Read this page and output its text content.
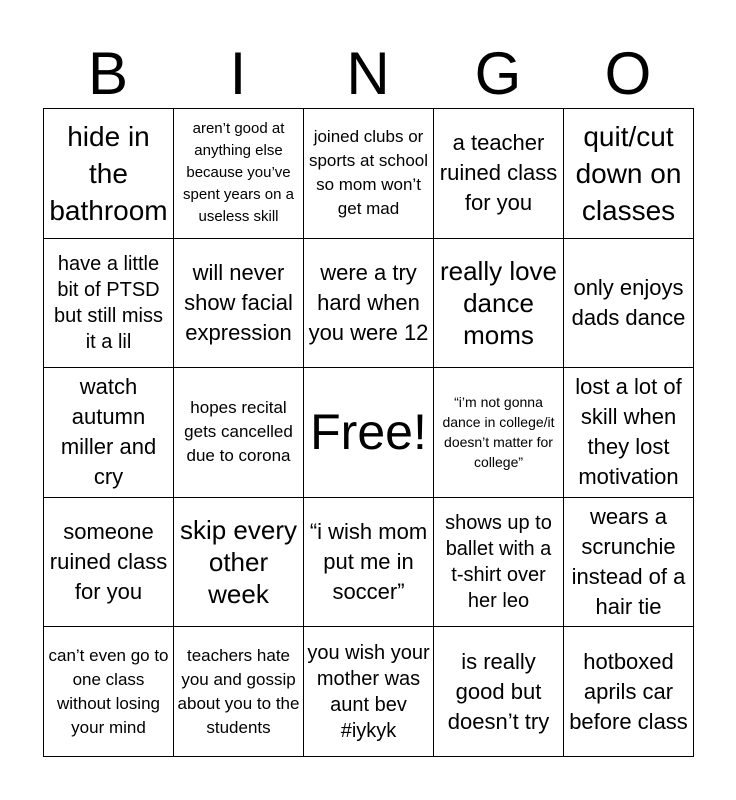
B	I	N	G	O
hide in the bathroom	aren’t good at anything else because you’ve spent years on a useless skill	joined clubs or sports at school so mom won’t get mad	a teacher ruined class for you	quit/cut down on classes
have a little bit of PTSD but still miss it a lil	will never show facial expression	were a try hard when you were 12	really love dance moms	only enjoys dads dance
watch autumn miller and cry	hopes recital gets cancelled due to corona	Free!	“i’m not gonna dance in college/it doesn’t matter for college”	lost a lot of skill when they lost motivation
someone ruined class for you	skip every other week	“i wish mom put me in soccer”	shows up to ballet with a t-shirt over her leo	wears a scrunchie instead of a hair tie
can’t even go to one class without losing your mind	teachers hate you and gossip about you to the students	you wish your mother was aunt bev #iykyk	is really good but doesn’t try	hotboxed aprils car before class
